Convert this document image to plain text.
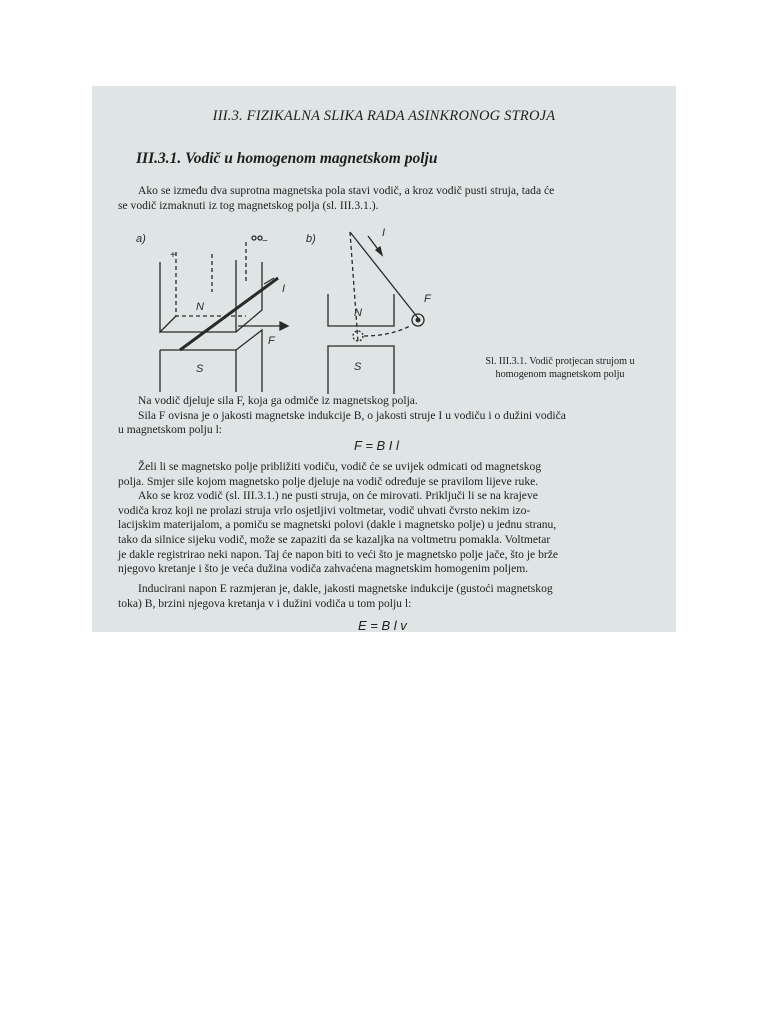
III.3. FIZIKALNA SLIKA RADA ASINKRONOG STROJA
III.3.1. Vodič u homogenom magnetskom polju
Ako se između dva suprotna magnetska pola stavi vodič, a kroz vodič pusti struja, tada će
se vodič izmaknuti iz tog magnetskog polja (sl. III.3.1.).
a)
N
+
−
I
F
S
b)
N
S
I
F
Sl. III.3.1. Vodič protjecan strujom u
homogenom magnetskom polju
Na vodič djeluje sila F, koja ga odmiče iz magnetskog polja.
Sila F ovisna je o jakosti magnetske indukcije B, o jakosti struje I u vodiču i o dužini vodiča
u magnetskom polju l:
F = B I l
Želi li se magnetsko polje približiti vodiču, vodič će se uvijek odmicati od magnetskog
polja. Smjer sile kojom magnetsko polje djeluje na vodič određuje se pravilom lijeve ruke.
Ako se kroz vodič (sl. III.3.1.) ne pusti struja, on će mirovati. Priključi li se na krajeve
vodiča kroz koji ne prolazi struja vrlo osjetljivi voltmetar, vodič uhvati čvrsto nekim izo-
lacijskim materijalom, a pomiču se magnetski polovi (dakle i magnetsko polje) u jednu stranu,
tako da silnice sijeku vodič, može se zapaziti da se kazaljka na voltmetru pomakla. Voltmetar
je dakle registrirao neki napon. Taj će napon biti to veći što je magnetsko polje jače, što je brže
njegovo kretanje i što je veća dužina vodiča zahvaćena magnetskim homogenim poljem.
Inducirani napon E razmjeran je, dakle, jakosti magnetske indukcije (gustoći magnetskog
toka) B, brzini njegova kretanja v i dužini vodiča u tom polju l:
E = B l v
